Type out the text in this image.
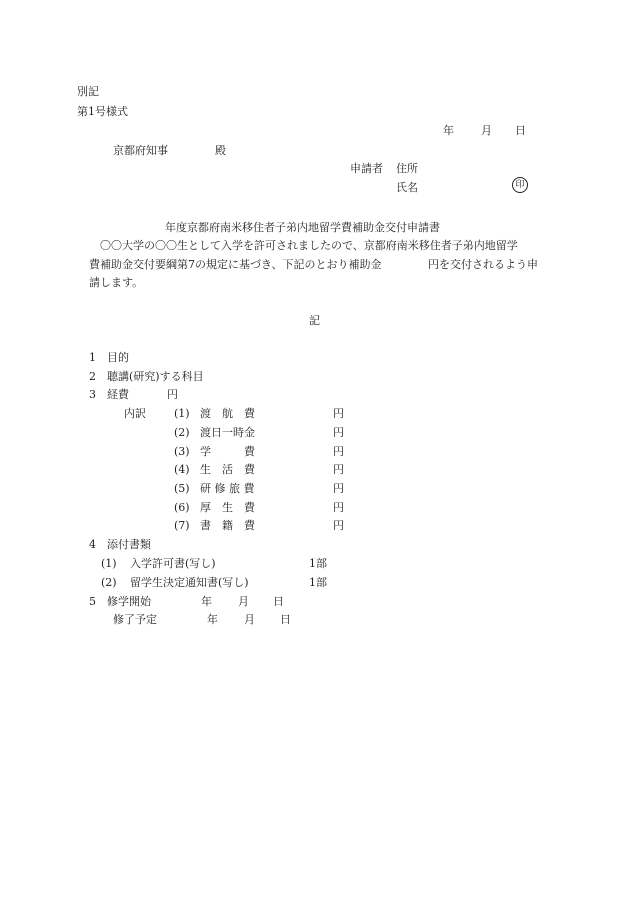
別記
第1号様式
年 月 日
京都府知事	殿
申請者 住所
氏名	印
年度京都府南米移住者子弟内地留学費補助金交付申請書
〇〇大学の〇〇生として入学を許可されましたので、京都府南米移住者子弟内地留学
費補助金交付要綱第7の規定に基づき、下記のとおり補助金	円を交付されるよう申
請します。
記
1　目的
2　聴講(研究)する科目
3　経費	円
内訳	(1) 渡　航　費	円
(2) 渡日一時金	円
(3) 学　　　費	円
(4) 生　活　費	円
(5) 研 修 旅 費	円
(6) 厚　生　費	円
(7) 書　籍　費	円
4　添付書類
(1) 入学許可書(写し)	1部
(2) 留学生決定通知書(写し)	1部
5　修学開始	年 月 日
修了予定	年 月 日
